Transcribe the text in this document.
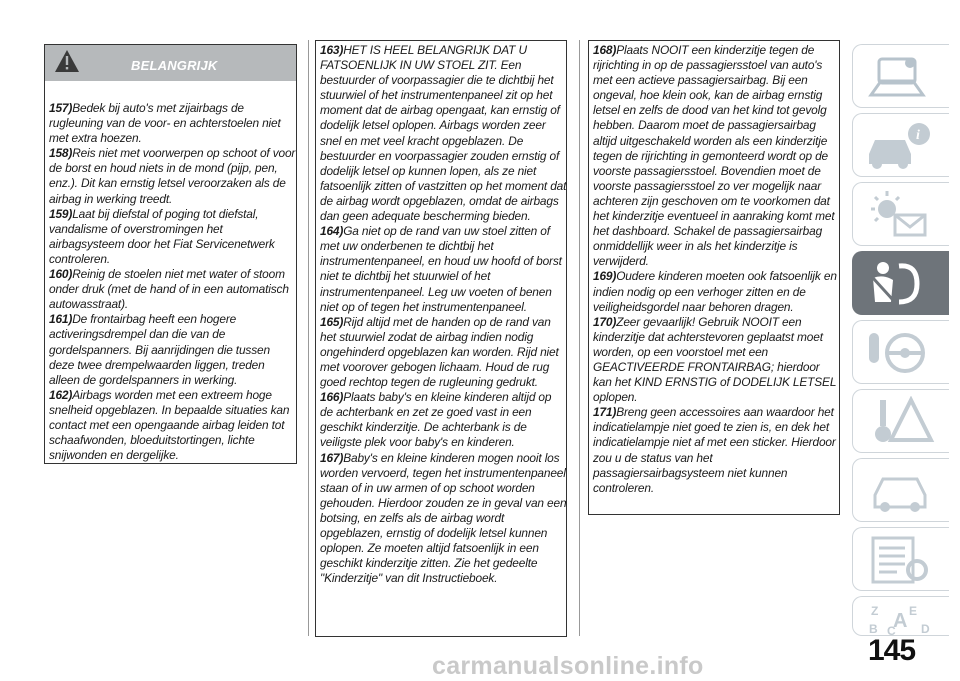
BELANGRIJK
157)Bedek bij auto's met zijairbags de rugleuning van de voor- en achterstoelen niet met extra hoezen.
158)Reis niet met voorwerpen op schoot of voor de borst en houd niets in de mond (pijp, pen, enz.). Dit kan ernstig letsel veroorzaken als de airbag in werking treedt.
159)Laat bij diefstal of poging tot diefstal, vandalisme of overstromingen het airbagsysteem door het Fiat Servicenetwerk controleren.
160)Reinig de stoelen niet met water of stoom onder druk (met de hand of in een automatisch autowasstraat).
161)De frontairbag heeft een hogere activeringsdrempel dan die van de gordelspanners. Bij aanrijdingen die tussen deze twee drempelwaarden liggen, treden alleen de gordelspanners in werking.
162)Airbags worden met een extreem hoge snelheid opgeblazen. In bepaalde situaties kan contact met een opengaande airbag leiden tot schaafwonden, bloeduitstortingen, lichte snijwonden en dergelijke.
163)HET IS HEEL BELANGRIJK DAT U FATSOENLIJK IN UW STOEL ZIT. Een bestuurder of voorpassagier die te dichtbij het stuurwiel of het instrumentenpaneel zit op het moment dat de airbag opengaat, kan ernstig of dodelijk letsel oplopen. Airbags worden zeer snel en met veel kracht opgeblazen. De bestuurder en voorpassagier zouden ernstig of dodelijk letsel op kunnen lopen, als ze niet fatsoenlijk zitten of vastzitten op het moment dat de airbag wordt opgeblazen, omdat de airbags dan geen adequate bescherming bieden.
164)Ga niet op de rand van uw stoel zitten of met uw onderbenen te dichtbij het instrumentenpaneel, en houd uw hoofd of borst niet te dichtbij het stuurwiel of het instrumentenpaneel. Leg uw voeten of benen niet op of tegen het instrumentenpaneel.
165)Rijd altijd met de handen op de rand van het stuurwiel zodat de airbag indien nodig ongehinderd opgeblazen kan worden. Rijd niet met voorover gebogen lichaam. Houd de rug goed rechtop tegen de rugleuning gedrukt.
166)Plaats baby's en kleine kinderen altijd op de achterbank en zet ze goed vast in een geschikt kinderzitje. De achterbank is de veiligste plek voor baby's en kinderen.
167)Baby's en kleine kinderen mogen nooit los worden vervoerd, tegen het instrumentenpaneel staan of in uw armen of op schoot worden gehouden. Hierdoor zouden ze in geval van een botsing, en zelfs als de airbag wordt opgeblazen, ernstig of dodelijk letsel kunnen oplopen. Ze moeten altijd fatsoenlijk in een geschikt kinderzitje zitten. Zie het gedeelte "Kinderzitje" van dit Instructieboek.
168)Plaats NOOIT een kinderzitje tegen de rijrichting in op de passagiersstoel van auto's met een actieve passagiersairbag. Bij een ongeval, hoe klein ook, kan de airbag ernstig letsel en zelfs de dood van het kind tot gevolg hebben. Daarom moet de passagiersairbag altijd uitgeschakeld worden als een kinderzitje tegen de rijrichting in gemonteerd wordt op de voorste passagiersstoel. Bovendien moet de voorste passagiersstoel zo ver mogelijk naar achteren zijn geschoven om te voorkomen dat het kinderzitje eventueel in aanraking komt met het dashboard. Schakel de passagiersairbag onmiddellijk weer in als het kinderzitje is verwijderd.
169)Oudere kinderen moeten ook fatsoenlijk en indien nodig op een verhoger zitten en de veiligheidsgordel naar behoren dragen.
170)Zeer gevaarlijk! Gebruik NOOIT een kinderzitje dat achterstevoren geplaatst moet worden, op een voorstoel met een GEACTIVEERDE FRONTAIRBAG; hierdoor kan het KIND ERNSTIG of DODELIJK LETSEL oplopen.
171)Breng geen accessoires aan waardoor het indicatielampje niet goed te zien is, en dek het indicatielampje niet af met een sticker. Hierdoor zou u de status van het passagiersairbagsysteem niet kunnen controleren.
i
Z	E
B C D
A
145
carmanualsonline.info
